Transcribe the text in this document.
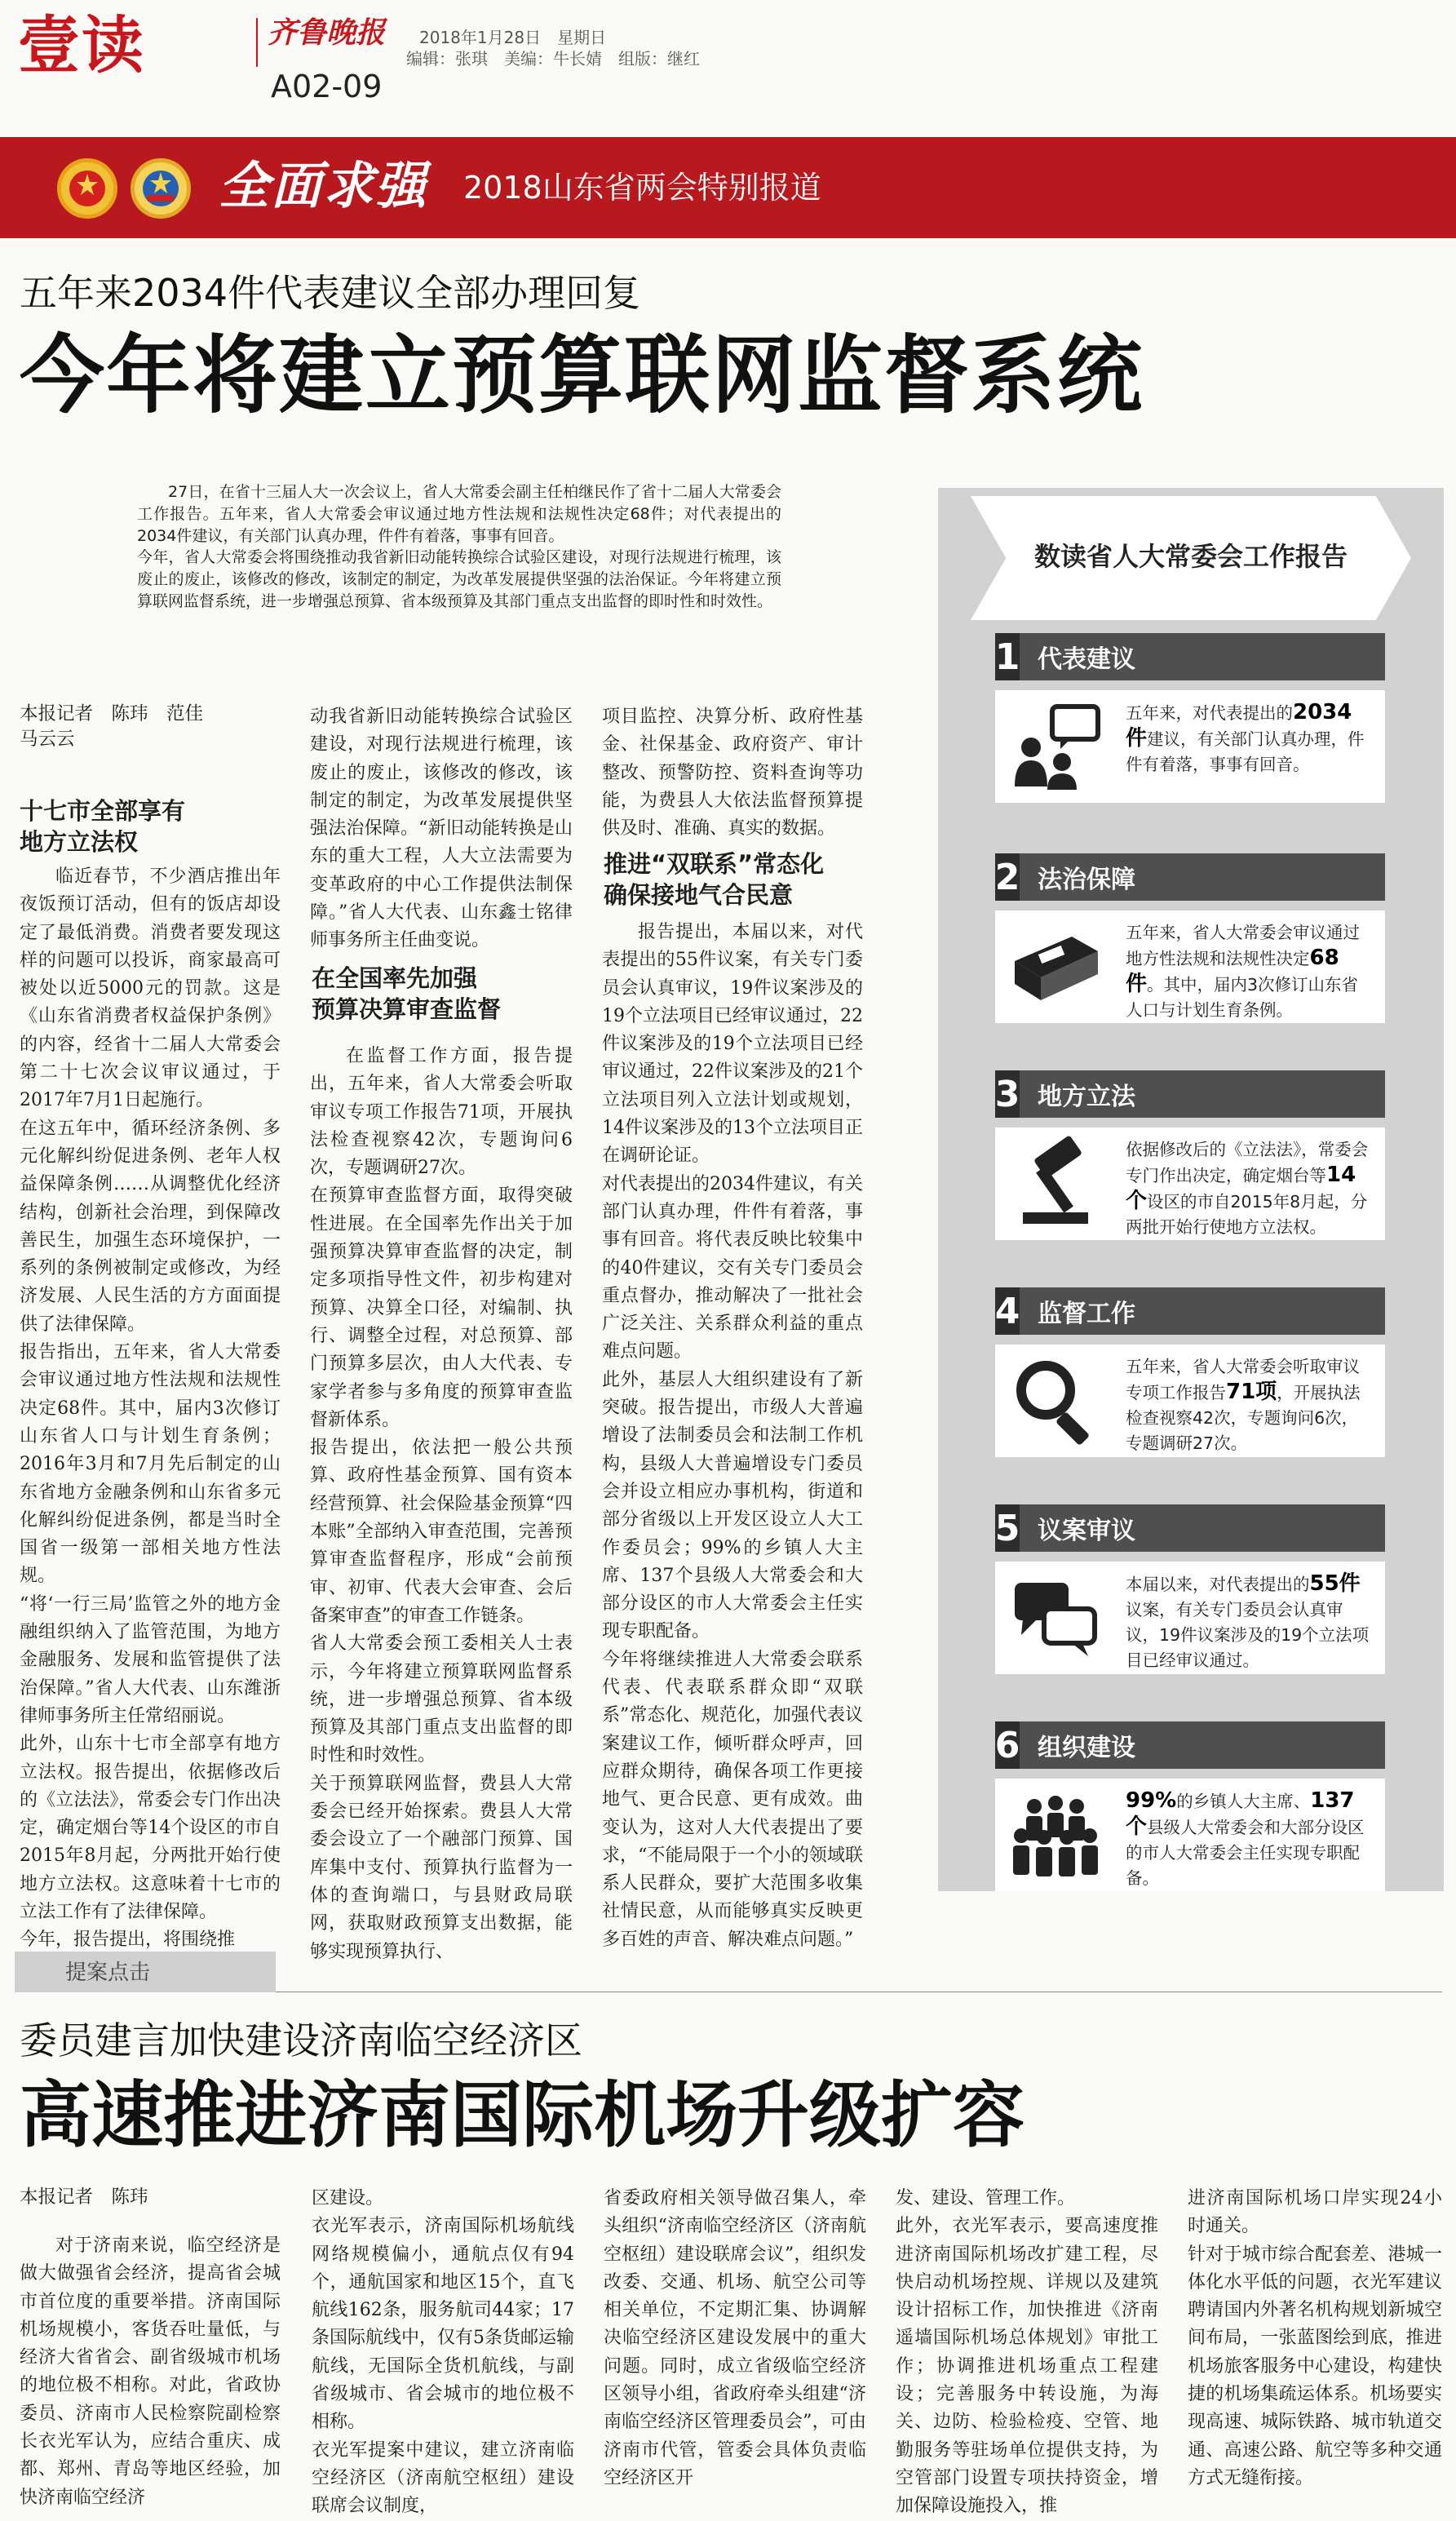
壹读	齐鲁晚报
A02-09
2018年1月28日　星期日
编辑：张琪　美编：牛长婧　组版：继红
全面求强 2018山东省两会特别报道
五年来2034件代表建议全部办理回复
今年将建立预算联网监督系统
27日，在省十三届人大一次会议上，省人大常委会副主任柏继民作了省十二届人大常委会工作报告。五年来，省人大常委会审议通过地方性法规和法规性决定68件；对代表提出的2034件建议，有关部门认真办理，件件有着落，事事有回音。
今年，省人大常委会将围绕推动我省新旧动能转换综合试验区建设，对现行法规进行梳理，该废止的废止，该修改的修改，该制定的制定，为改革发展提供坚强的法治保证。今年将建立预算联网监督系统，进一步增强总预算、省本级预算及其部门重点支出监督的即时性和时效性。
本报记者　陈玮　范佳
马云云
十七市全部享有
地方立法权
临近春节，不少酒店推出年夜饭预订活动，但有的饭店却设定了最低消费。消费者要发现这样的问题可以投诉，商家最高可被处以近5000元的罚款。这是《山东省消费者权益保护条例》的内容，经省十二届人大常委会第二十七次会议审议通过，于2017年7月1日起施行。
在这五年中，循环经济条例、多元化解纠纷促进条例、老年人权益保障条例……从调整优化经济结构，创新社会治理，到保障改善民生，加强生态环境保护，一系列的条例被制定或修改，为经济发展、人民生活的方方面面提供了法律保障。
报告指出，五年来，省人大常委会审议通过地方性法规和法规性决定68件。其中，届内3次修订山东省人口与计划生育条例；2016年3月和7月先后制定的山东省地方金融条例和山东省多元化解纠纷促进条例，都是当时全国省一级第一部相关地方性法规。
“将‘一行三局’监管之外的地方金融组织纳入了监管范围，为地方金融服务、发展和监管提供了法治保障。”省人大代表、山东潍浙律师事务所主任常绍丽说。
此外，山东十七市全部享有地方立法权。报告提出，依据修改后的《立法法》，常委会专门作出决定，确定烟台等14个设区的市自2015年8月起，分两批开始行使地方立法权。这意味着十七市的立法工作有了法律保障。
今年，报告提出，将围绕推
动我省新旧动能转换综合试验区建设，对现行法规进行梳理，该废止的废止，该修改的修改，该制定的制定，为改革发展提供坚强法治保障。“新旧动能转换是山东的重大工程，人大立法需要为变革政府的中心工作提供法制保障。”省人大代表、山东鑫士铭律师事务所主任曲变说。
在全国率先加强
预算决算审查监督
在监督工作方面，报告提出，五年来，省人大常委会听取审议专项工作报告71项，开展执法检查视察42次，专题询问6次，专题调研27次。
在预算审查监督方面，取得突破性进展。在全国率先作出关于加强预算决算审查监督的决定，制定多项指导性文件，初步构建对预算、决算全口径，对编制、执行、调整全过程，对总预算、部门预算多层次，由人大代表、专家学者参与多角度的预算审查监督新体系。
报告提出，依法把一般公共预算、政府性基金预算、国有资本经营预算、社会保险基金预算“四本账”全部纳入审查范围，完善预算审查监督程序，形成“会前预审、初审、代表大会审查、会后备案审查”的审查工作链条。
省人大常委会预工委相关人士表示，今年将建立预算联网监督系统，进一步增强总预算、省本级预算及其部门重点支出监督的即时性和时效性。
关于预算联网监督，费县人大常委会已经开始探索。费县人大常委会设立了一个融部门预算、国库集中支付、预算执行监督为一体的查询端口，与县财政局联网，获取财政预算支出数据，能够实现预算执行、
项目监控、决算分析、政府性基金、社保基金、政府资产、审计整改、预警防控、资料查询等功能，为费县人大依法监督预算提供及时、准确、真实的数据。
推进“双联系”常态化
确保接地气合民意
报告提出，本届以来，对代表提出的55件议案，有关专门委员会认真审议，19件议案涉及的19个立法项目已经审议通过，22件议案涉及的19个立法项目已经审议通过，22件议案涉及的21个立法项目列入立法计划或规划，14件议案涉及的13个立法项目正在调研论证。
对代表提出的2034件建议，有关部门认真办理，件件有着落，事事有回音。将代表反映比较集中的40件建议，交有关专门委员会重点督办，推动解决了一批社会广泛关注、关系群众利益的重点难点问题。
此外，基层人大组织建设有了新突破。报告提出，市级人大普遍增设了法制委员会和法制工作机构，县级人大普遍增设专门委员会并设立相应办事机构，街道和部分省级以上开发区设立人大工作委员会；99%的乡镇人大主席、137个县级人大常委会和大部分设区的市人大常委会主任实现专职配备。
今年将继续推进人大常委会联系代表、代表联系群众即“双联系”常态化、规范化，加强代表议案建议工作，倾听群众呼声，回应群众期待，确保各项工作更接地气、更合民意、更有成效。曲变认为，这对人大代表提出了要求，“不能局限于一个小的领域联系人民群众，要扩大范围多收集社情民意，从而能够真实反映更多百姓的声音、解决难点问题。”
数读省人大常委会工作报告
1 代表建议
五年来，对代表提出的2034件建议，有关部门认真办理，件件有着落，事事有回音。
2 法治保障
五年来，省人大常委会审议通过地方性法规和法规性决定68件。其中，届内3次修订山东省人口与计划生育条例。
3 地方立法
依据修改后的《立法法》，常委会专门作出决定，确定烟台等14个设区的市自2015年8月起，分两批开始行使地方立法权。
4 监督工作
五年来，省人大常委会听取审议专项工作报告71项，开展执法检查视察42次，专题询问6次，专题调研27次。
5 议案审议
本届以来，对代表提出的55件议案，有关专门委员会认真审议，19件议案涉及的19个立法项目已经审议通过。
6 组织建设
99%的乡镇人大主席、137个县级人大常委会和大部分设区的市人大常委会主任实现专职配备。
提案点击
委员建言加快建设济南临空经济区
高速推进济南国际机场升级扩容
本报记者　陈玮
对于济南来说，临空经济是做大做强省会经济，提高省会城市首位度的重要举措。济南国际机场规模小，客货吞吐量低，与经济大省省会、副省级城市机场的地位极不相称。对此，省政协委员、济南市人民检察院副检察长衣光军认为，应结合重庆、成都、郑州、青岛等地区经验，加快济南临空经济
区建设。
衣光军表示，济南国际机场航线网络规模偏小，通航点仅有94个，通航国家和地区15个，直飞航线162条，服务航司44家；17条国际航线中，仅有5条货邮运输航线，无国际全货机航线，与副省级城市、省会城市的地位极不相称。
衣光军提案中建议，建立济南临空经济区（济南航空枢纽）建设联席会议制度，
省委政府相关领导做召集人，牵头组织“济南临空经济区（济南航空枢纽）建设联席会议”，组织发改委、交通、机场、航空公司等相关单位，不定期汇集、协调解决临空经济区建设发展中的重大问题。同时，成立省级临空经济区领导小组，省政府牵头组建“济南临空经济区管理委员会”，可由济南市代管，管委会具体负责临空经济区开
发、建设、管理工作。
此外，衣光军表示，要高速度推进济南国际机场改扩建工程，尽快启动机场控规、详规以及建筑设计招标工作，加快推进《济南遥墙国际机场总体规划》审批工作；协调推进机场重点工程建设；完善服务中转设施，为海关、边防、检验检疫、空管、地勤服务等驻场单位提供支持，为空管部门设置专项扶持资金，增加保障设施投入，推
进济南国际机场口岸实现24小时通关。
针对于城市综合配套差、港城一体化水平低的问题，衣光军建议聘请国内外著名机构规划新城空间布局，一张蓝图绘到底，推进机场旅客服务中心建设，构建快捷的机场集疏运体系。机场要实现高速、城际铁路、城市轨道交通、高速公路、航空等多种交通方式无缝衔接。
